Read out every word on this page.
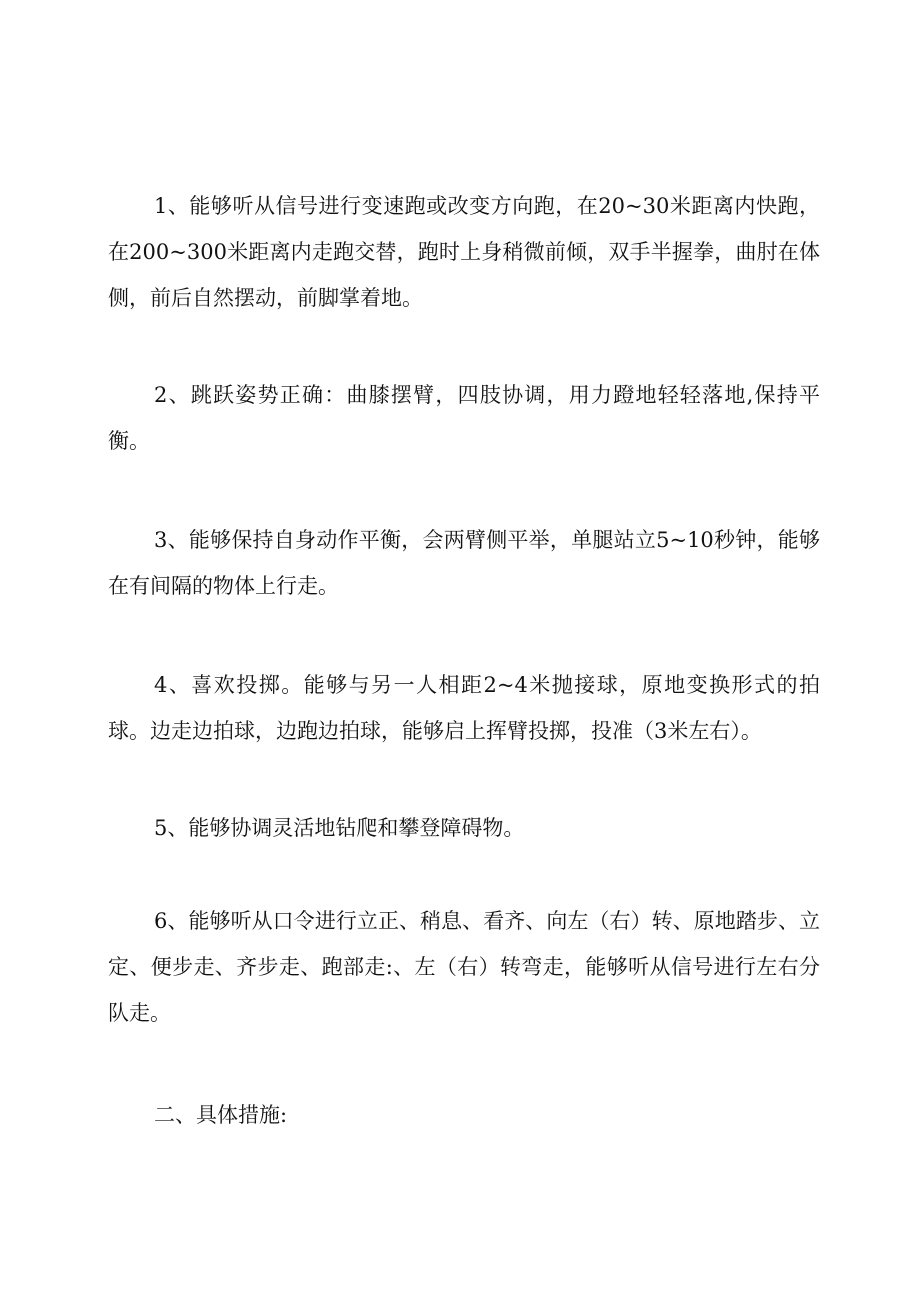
1、能够听从信号进行变速跑或改变方向跑，在20~30米距离内快跑，在200~300米距离内走跑交替，跑时上身稍微前倾，双手半握拳，曲肘在体侧，前后自然摆动，前脚掌着地。

2、跳跃姿势正确：曲膝摆臂，四肢协调，用力蹬地轻轻落地,保持平衡。

3、能够保持自身动作平衡，会两臂侧平举，单腿站立5~10秒钟，能够在有间隔的物体上行走。

4、喜欢投掷。能够与另一人相距2~4米抛接球，原地变换形式的拍球。边走边拍球，边跑边拍球，能够启上挥臂投掷，投准（3米左右）。

5、能够协调灵活地钻爬和攀登障碍物。

6、能够听从口令进行立正、稍息、看齐、向左（右）转、原地踏步、立定、便步走、齐步走、跑部走:、左（右）转弯走，能够听从信号进行左右分队走。

二、具体措施:
